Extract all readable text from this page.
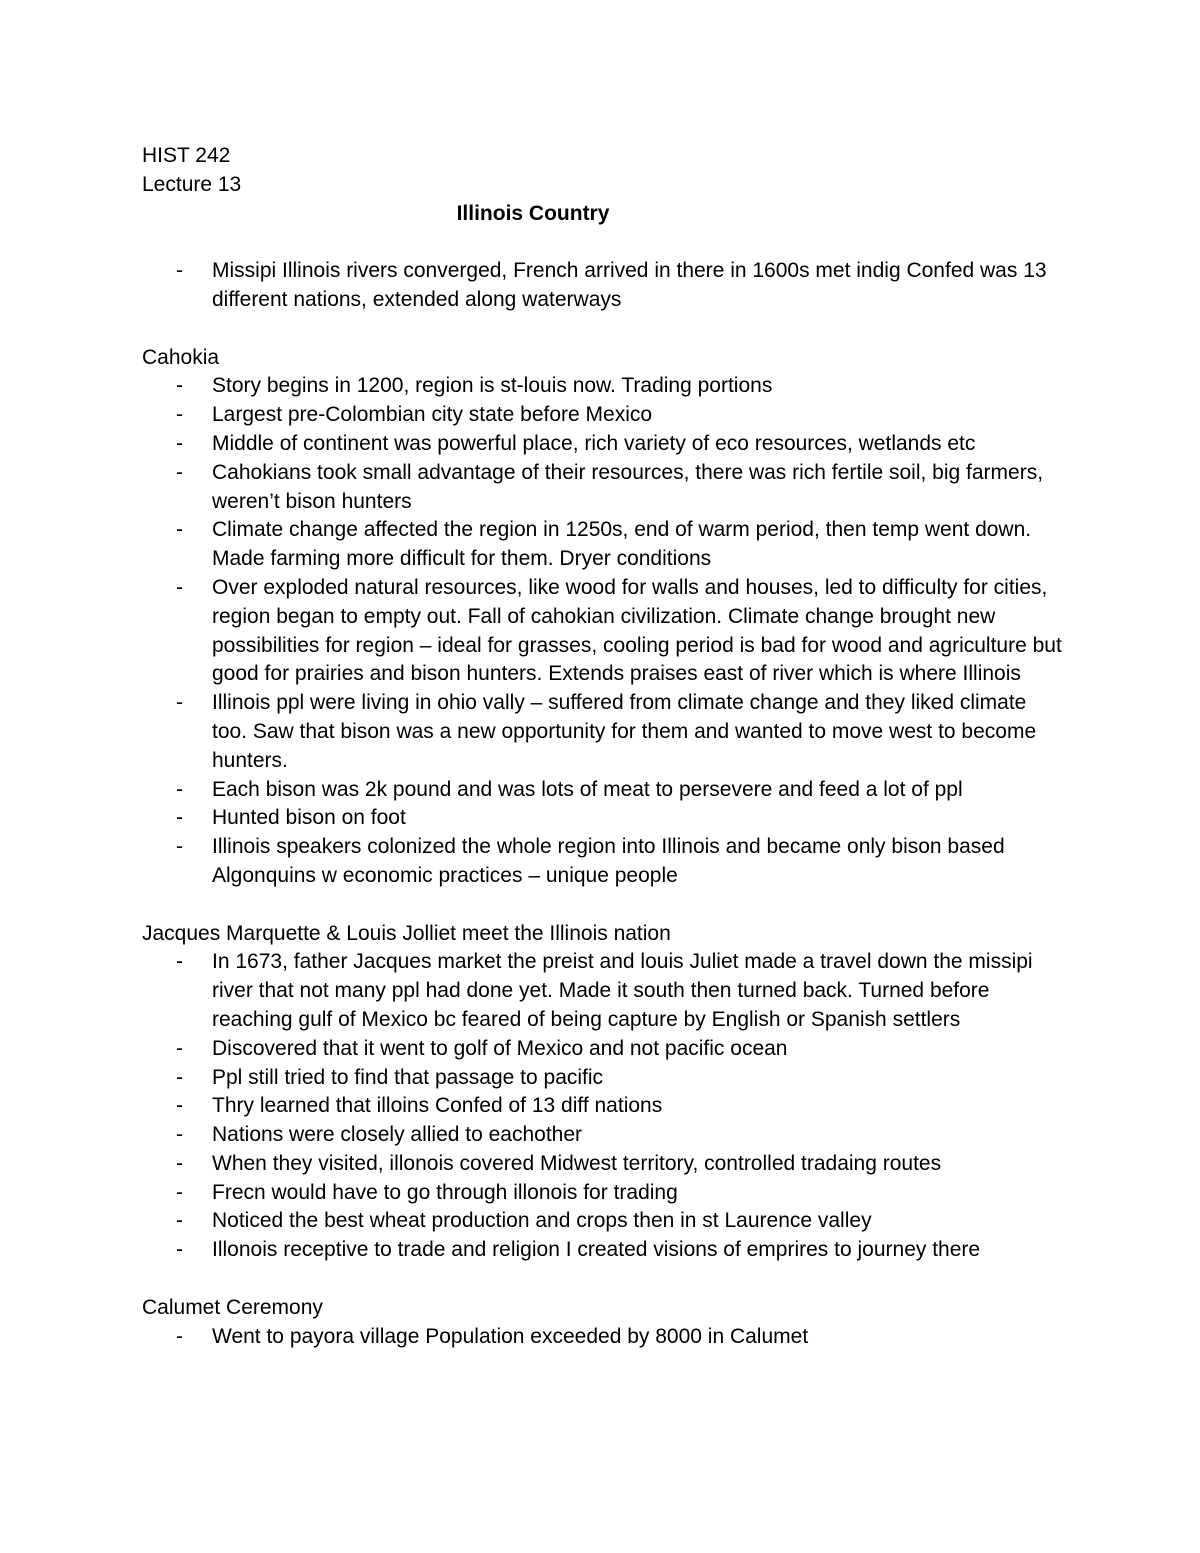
HIST 242
Lecture 13
Illinois Country
- Missipi Illinois rivers converged, French arrived in there in 1600s met indig Confed was 13 different nations, extended along waterways
Cahokia
- Story begins in 1200, region is st-louis now. Trading portions
- Largest pre-Colombian city state before Mexico
- Middle of continent was powerful place, rich variety of eco resources, wetlands etc
- Cahokians took small advantage of their resources, there was rich fertile soil, big farmers, weren’t bison hunters
- Climate change affected the region in 1250s, end of warm period, then temp went down. Made farming more difficult for them. Dryer conditions
- Over exploded natural resources, like wood for walls and houses, led to difficulty for cities, region began to empty out. Fall of cahokian civilization. Climate change brought new possibilities for region – ideal for grasses, cooling period is bad for wood and agriculture but good for prairies and bison hunters. Extends praises east of river which is where Illinois
- Illinois ppl were living in ohio vally – suffered from climate change and they liked climate too. Saw that bison was a new opportunity for them and wanted to move west to become hunters.
- Each bison was 2k pound and was lots of meat to persevere and feed a lot of ppl
- Hunted bison on foot
- Illinois speakers colonized the whole region into Illinois and became only bison based Algonquins w economic practices – unique people
Jacques Marquette & Louis Jolliet meet the Illinois nation
- In 1673, father Jacques market the preist and louis Juliet made a travel down the missipi river that not many ppl had done yet. Made it south then turned back. Turned before reaching gulf of Mexico bc feared of being capture by English or Spanish settlers
- Discovered that it went to golf of Mexico and not pacific ocean
- Ppl still tried to find that passage to pacific
- Thry learned that illoins Confed of 13 diff nations
- Nations were closely allied to eachother
- When they visited, illonois covered Midwest territory, controlled tradaing routes
- Frecn would have to go through illonois for trading
- Noticed the best wheat production and crops then in st Laurence valley
- Illonois receptive to trade and religion I created visions of emprires to journey there
Calumet Ceremony
- Went to payora village Population exceeded by 8000 in Calumet
